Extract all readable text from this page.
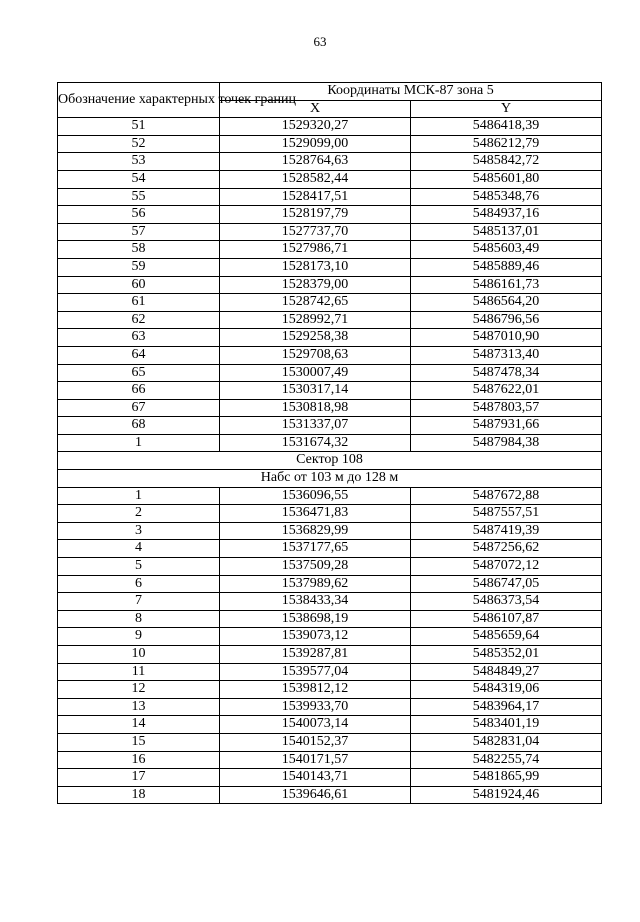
63
Обозначение характерных точек границ	Координаты МСК-87 зона 5	
	X	Y
51	1529320,27	5486418,39
52	1529099,00	5486212,79
53	1528764,63	5485842,72
54	1528582,44	5485601,80
55	1528417,51	5485348,76
56	1528197,79	5484937,16
57	1527737,70	5485137,01
58	1527986,71	5485603,49
59	1528173,10	5485889,46
60	1528379,00	5486161,73
61	1528742,65	5486564,20
62	1528992,71	5486796,56
63	1529258,38	5487010,90
64	1529708,63	5487313,40
65	1530007,49	5487478,34
66	1530317,14	5487622,01
67	1530818,98	5487803,57
68	1531337,07	5487931,66
1	1531674,32	5487984,38
Сектор 108		
Набс от 103 м до 128 м		
1	1536096,55	5487672,88
2	1536471,83	5487557,51
3	1536829,99	5487419,39
4	1537177,65	5487256,62
5	1537509,28	5487072,12
6	1537989,62	5486747,05
7	1538433,34	5486373,54
8	1538698,19	5486107,87
9	1539073,12	5485659,64
10	1539287,81	5485352,01
11	1539577,04	5484849,27
12	1539812,12	5484319,06
13	1539933,70	5483964,17
14	1540073,14	5483401,19
15	1540152,37	5482831,04
16	1540171,57	5482255,74
17	1540143,71	5481865,99
18	1539646,61	5481924,46
